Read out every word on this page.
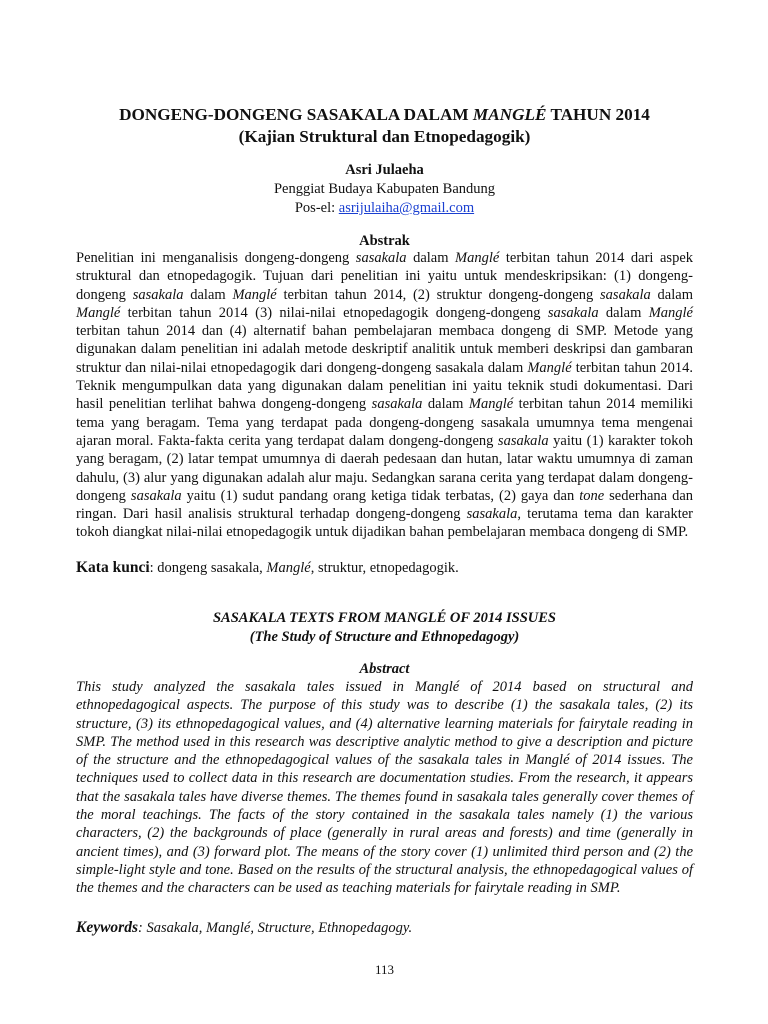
DONGENG-DONGENG SASAKALA DALAM MANGLÉ TAHUN 2014
(Kajian Struktural dan Etnopedagogik)
Asri Julaeha
Penggiat Budaya Kabupaten Bandung
Pos-el: asrijulaiha@gmail.com
Abstrak

Penelitian ini menganalisis dongeng-dongeng sasakala dalam Manglé terbitan tahun 2014 dari aspek struktural dan etnopedagogik. Tujuan dari penelitian ini yaitu untuk mendeskripsikan: (1) dongeng-dongeng sasakala dalam Manglé terbitan tahun 2014, (2) struktur dongeng-dongeng sasakala dalam Manglé terbitan tahun 2014 (3) nilai-nilai etnopedagogik dongeng-dongeng sasakala dalam Manglé terbitan tahun 2014 dan (4) alternatif bahan pembelajaran membaca dongeng di SMP. Metode yang digunakan dalam penelitian ini adalah metode deskriptif analitik untuk memberi deskripsi dan gambaran struktur dan nilai-nilai etnopedagogik dari dongeng-dongeng sasakala dalam Manglé terbitan tahun 2014. Teknik mengumpulkan data yang digunakan dalam penelitian ini yaitu teknik studi dokumentasi. Dari hasil penelitian terlihat bahwa dongeng-dongeng sasakala dalam Manglé terbitan tahun 2014 memiliki tema yang beragam. Tema yang terdapat pada dongeng-dongeng sasakala umumnya tema mengenai ajaran moral. Fakta-fakta cerita yang terdapat dalam dongeng-dongeng sasakala yaitu (1) karakter tokoh yang beragam, (2) latar tempat umumnya di daerah pedesaan dan hutan, latar waktu umumnya di zaman dahulu, (3) alur yang digunakan adalah alur maju. Sedangkan sarana cerita yang terdapat dalam dongeng-dongeng sasakala yaitu (1) sudut pandang orang ketiga tidak terbatas, (2) gaya dan tone sederhana dan ringan. Dari hasil analisis struktural terhadap dongeng-dongeng sasakala, terutama tema dan karakter tokoh diangkat nilai-nilai etnopedagogik untuk dijadikan bahan pembelajaran membaca dongeng di SMP.

Kata kunci: dongeng sasakala, Manglé, struktur, etnopedagogik.
SASAKALA TEXTS FROM MANGLÉ OF 2014 ISSUES
(The Study of Structure and Ethnopedagogy)
Abstract

This study analyzed the sasakala tales issued in Manglé of 2014 based on structural and ethnopedagogical aspects. The purpose of this study was to describe (1) the sasakala tales, (2) its structure, (3) its ethnopedagogical values, and (4) alternative learning materials for fairytale reading in SMP. The method used in this research was descriptive analytic method to give a description and picture of the structure and the ethnopedagogical values of the sasakala tales in Manglé of 2014 issues. The techniques used to collect data in this research are documentation studies. From the research, it appears that the sasakala tales have diverse themes. The themes found in sasakala tales generally cover themes of the moral teachings. The facts of the story contained in the sasakala tales namely (1) the various characters, (2) the backgrounds of place (generally in rural areas and forests) and time (generally in ancient times), and (3) forward plot. The means of the story cover (1) unlimited third person and (2) the simple-light style and tone. Based on the results of the structural analysis, the ethnopedagogical values of the themes and the characters can be used as teaching materials for fairytale reading in SMP.

Keywords: Sasakala, Manglé, Structure, Ethnopedagogy.
113
